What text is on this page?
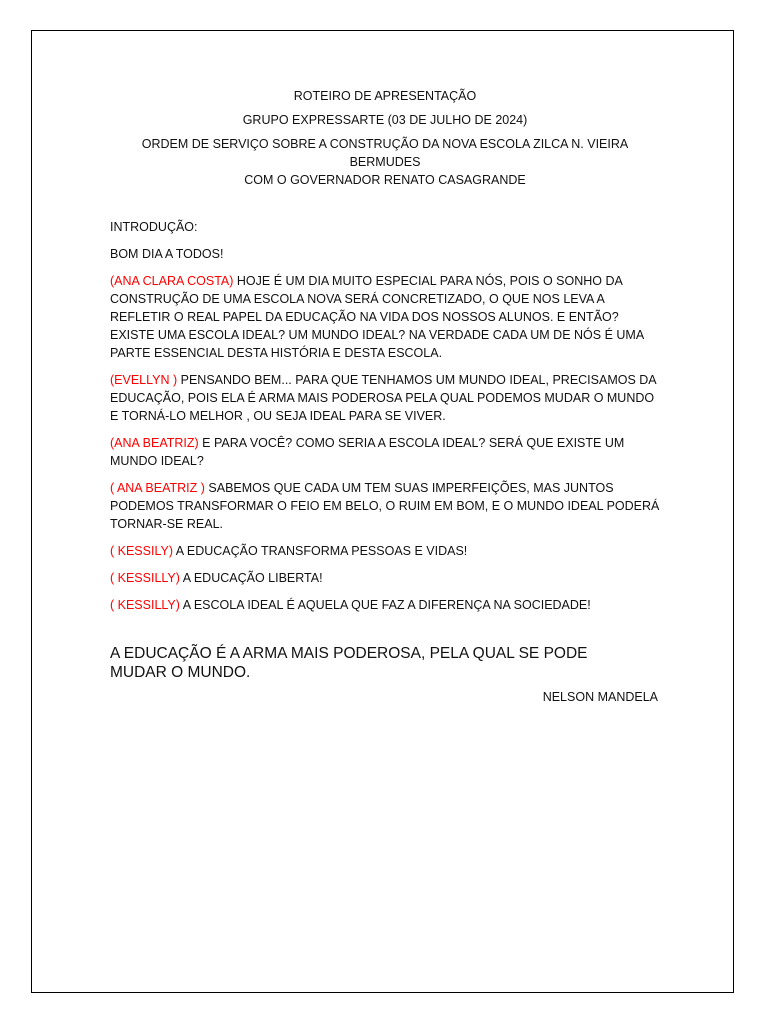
ROTEIRO DE APRESENTAÇÃO

GRUPO EXPRESSARTE (03 DE JULHO DE 2024)

ORDEM DE SERVIÇO SOBRE A CONSTRUÇÃO DA NOVA ESCOLA ZILCA N. VIEIRA BERMUDES

COM O GOVERNADOR RENATO CASAGRANDE

INTRODUÇÃO:

BOM DIA A TODOS!

(ANA CLARA COSTA) HOJE É UM DIA MUITO ESPECIAL PARA NÓS, POIS O SONHO DA CONSTRUÇÃO DE UMA ESCOLA NOVA SERÁ CONCRETIZADO, O QUE NOS LEVA A REFLETIR O REAL PAPEL DA EDUCAÇÃO NA VIDA DOS NOSSOS ALUNOS. E ENTÃO? EXISTE UMA ESCOLA IDEAL? UM MUNDO IDEAL? NA VERDADE CADA UM DE NÓS É UMA PARTE ESSENCIAL DESTA HISTÓRIA E DESTA ESCOLA.

(EVELLYN ) PENSANDO BEM... PARA QUE TENHAMOS UM MUNDO IDEAL, PRECISAMOS DA EDUCAÇÃO, POIS ELA É ARMA MAIS PODEROSA PELA QUAL PODEMOS MUDAR O MUNDO E TORNÁ-LO MELHOR , OU SEJA IDEAL PARA SE VIVER.

(ANA BEATRIZ) E PARA VOCÊ? COMO SERIA A ESCOLA IDEAL? SERÁ QUE EXISTE UM MUNDO IDEAL?

( ANA BEATRIZ ) SABEMOS QUE CADA UM TEM SUAS IMPERFEIÇÕES, MAS JUNTOS PODEMOS TRANSFORMAR O FEIO EM BELO, O RUIM EM BOM, E O MUNDO IDEAL PODERÁ TORNAR-SE REAL.

( KESSILY) A EDUCAÇÃO TRANSFORMA PESSOAS E VIDAS!

( KESSILLY) A EDUCAÇÃO LIBERTA!

( KESSILLY) A ESCOLA IDEAL É AQUELA QUE FAZ A DIFERENÇA NA SOCIEDADE!

A EDUCAÇÃO É A ARMA MAIS PODEROSA, PELA QUAL SE PODE MUDAR O MUNDO.

NELSON MANDELA
